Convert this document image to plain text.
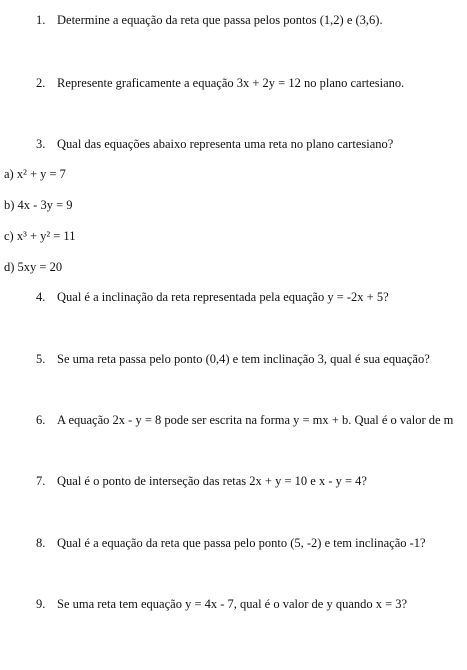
1. Determine a equação da reta que passa pelos pontos (1,2) e (3,6).
2. Represente graficamente a equação 3x + 2y = 12 no plano cartesiano.
3. Qual das equações abaixo representa uma reta no plano cartesiano?
a) x² + y = 7
b) 4x - 3y = 9
c) x³ + y² = 11
d) 5xy = 20
4. Qual é a inclinação da reta representada pela equação y = -2x + 5?
5. Se uma reta passa pelo ponto (0,4) e tem inclinação 3, qual é sua equação?
6. A equação 2x - y = 8 pode ser escrita na forma y = mx + b. Qual é o valor de m
7. Qual é o ponto de interseção das retas 2x + y = 10 e x - y = 4?
8. Qual é a equação da reta que passa pelo ponto (5, -2) e tem inclinação -1?
9. Se uma reta tem equação y = 4x - 7, qual é o valor de y quando x = 3?
